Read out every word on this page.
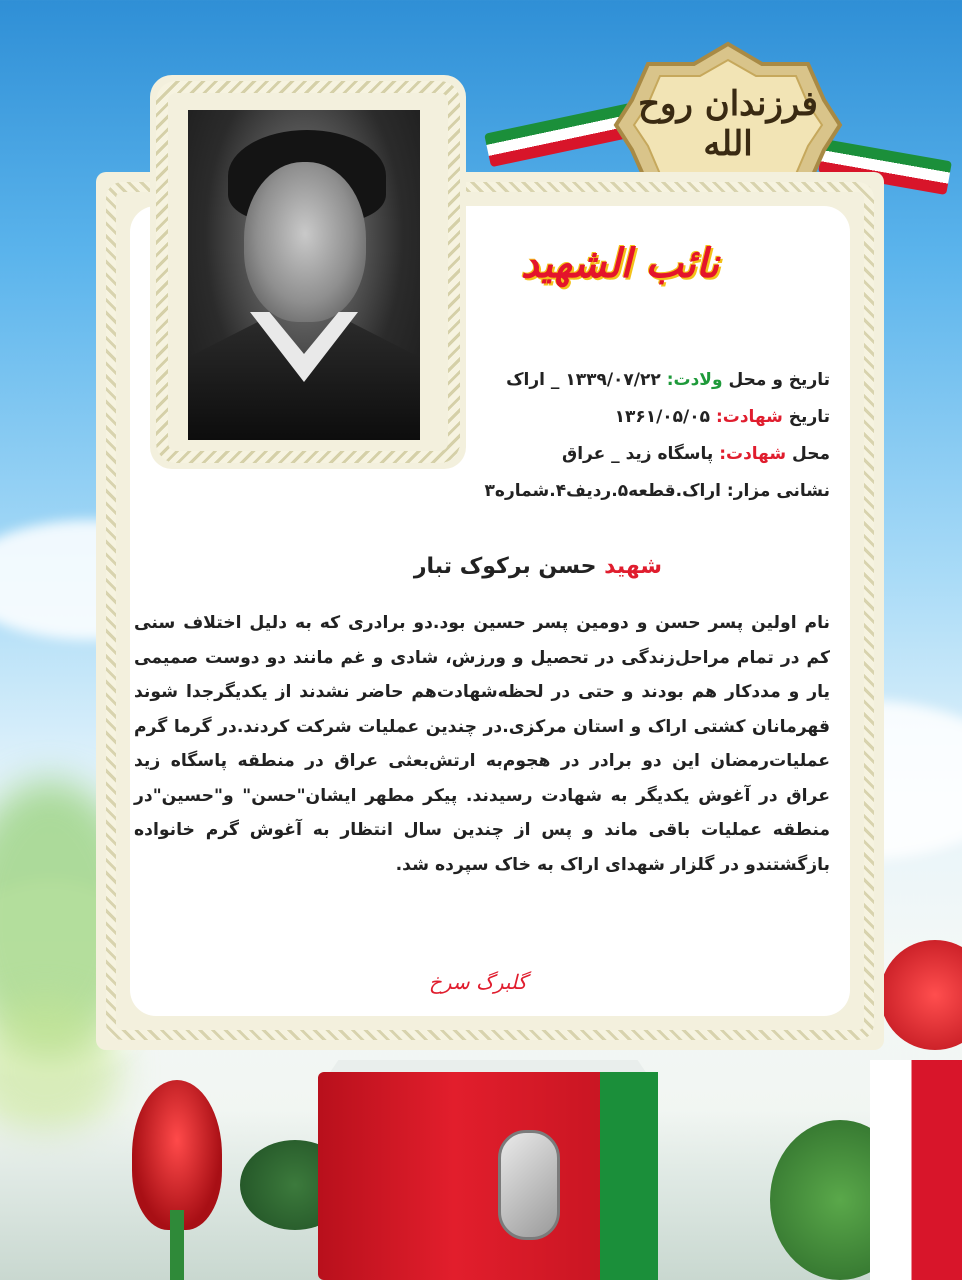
فرزندان روح الله
نائب الشهید
تاریخ و محل ولادت: ۱۳۳۹/۰۷/۲۲ _ اراک
تاریخ شهادت: ۱۳۶۱/۰۵/۰۵
محل شهادت: پاسگاه زید _ عراق
نشانی مزار: اراک.قطعه۵.ردیف۴.شماره۳
شهید حسن برکوک تبار
نام اولین پسر حسن و دومین پسر حسین بود.دو برادری که به دلیل اختلاف سنی کم در تمام مراحل‌زندگی در تحصیل و ورزش، شادی و غم مانند دو دوست صمیمی یار و مددکار هم بودند و حتی در لحظه‌شهادت‌هم حاضر نشدند از یکدیگرجدا شوند قهرمانان کشتی اراک و استان مرکزی.در چندین عملیات شرکت کردند.در گرما گرم عملیات‌رمضان این دو برادر در هجوم‌به ارتش‌بعثی عراق در منطقه پاسگاه زید عراق در آغوش یکدیگر به شهادت رسیدند. پیکر مطهر ایشان"حسن" و"حسین"در منطقه عملیات باقی ماند و پس از چندین سال انتظار به آغوش گرم خانواده بازگشتندو در گلزار شهدای اراک به خاک سپرده شد.
گلبرگ سرخ
